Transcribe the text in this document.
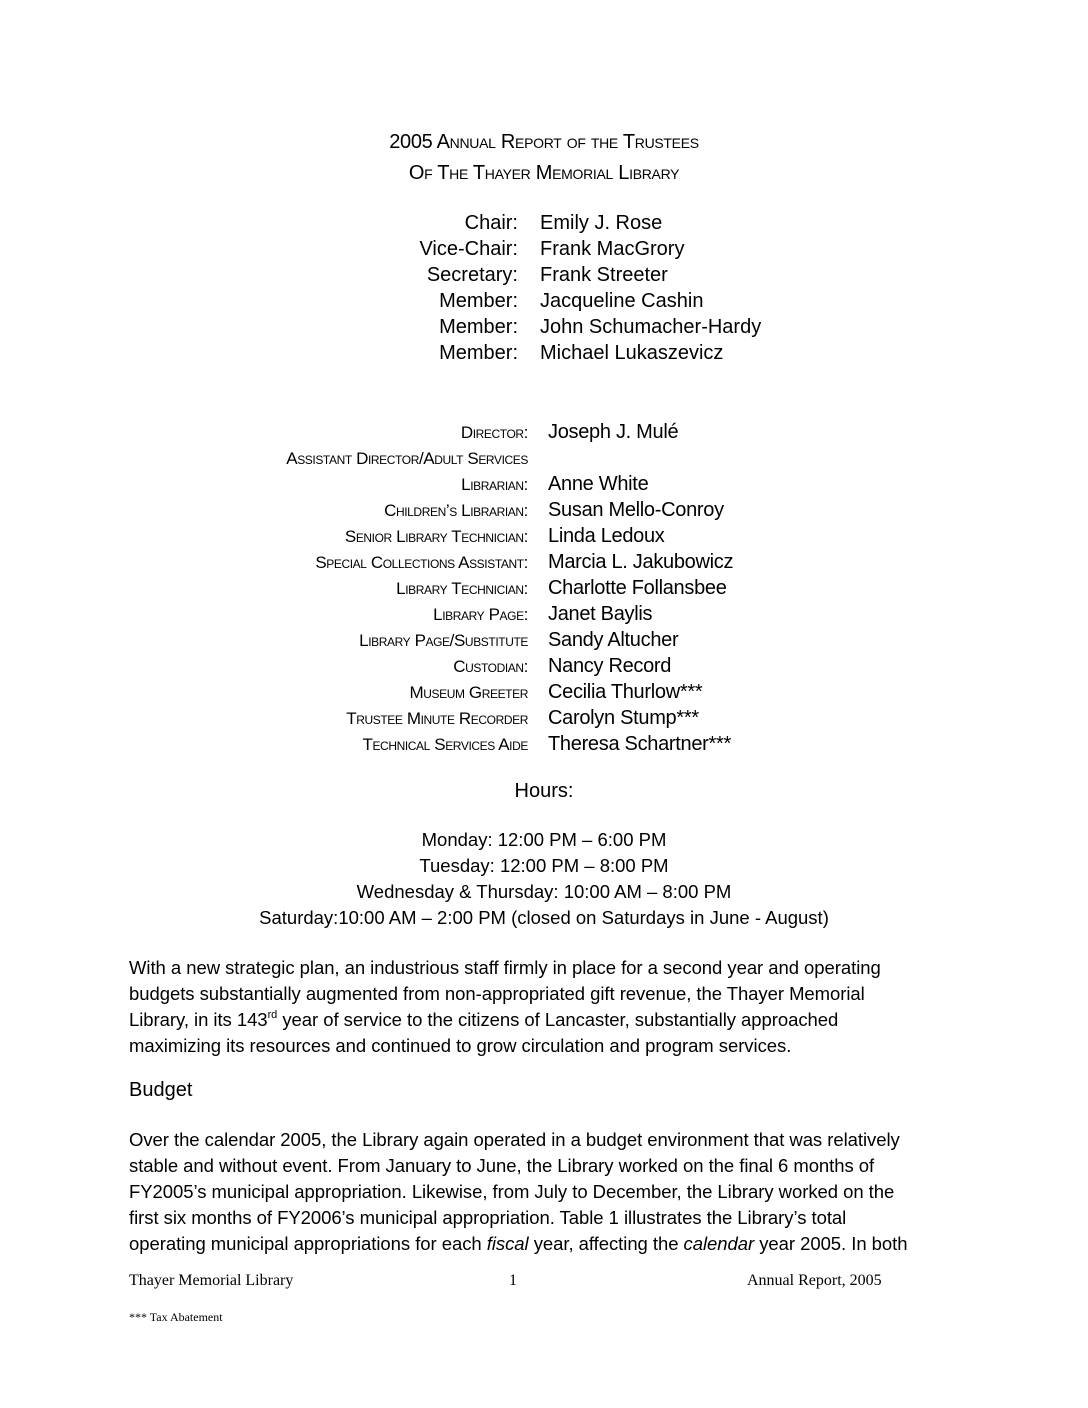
2005 Annual Report of the Trustees
Of The Thayer Memorial Library
Chair: Emily J. Rose
Vice-Chair: Frank MacGrory
Secretary: Frank Streeter
Member: Jacqueline Cashin
Member: John Schumacher-Hardy
Member: Michael Lukaszevicz
Director: Joseph J. Mulé
Assistant Director/Adult Services
Librarian: Anne White
Children’s Librarian: Susan Mello-Conroy
Senior Library Technician: Linda Ledoux
Special Collections Assistant: Marcia L. Jakubowicz
Library Technician: Charlotte Follansbee
Library Page: Janet Baylis
Library Page/Substitute Sandy Altucher
Custodian: Nancy Record
Museum Greeter Cecilia Thurlow***
Trustee Minute Recorder Carolyn Stump***
Technical Services Aide Theresa Schartner***
Hours:
Monday: 12:00 PM – 6:00 PM
Tuesday: 12:00 PM – 8:00 PM
Wednesday & Thursday: 10:00 AM – 8:00 PM
Saturday:10:00 AM – 2:00 PM (closed on Saturdays in June - August)
With a new strategic plan, an industrious staff firmly in place for a second year and operating
budgets substantially augmented from non-appropriated gift revenue, the Thayer Memorial
Library, in its 143rd year of service to the citizens of Lancaster, substantially approached
maximizing its resources and continued to grow circulation and program services.
Budget
Over the calendar 2005, the Library again operated in a budget environment that was relatively
stable and without event. From January to June, the Library worked on the final 6 months of
FY2005’s municipal appropriation. Likewise, from July to December, the Library worked on the
first six months of FY2006’s municipal appropriation. Table 1 illustrates the Library’s total
operating municipal appropriations for each fiscal year, affecting the calendar year 2005. In both
Thayer Memorial Library	1	Annual Report, 2005
*** Tax Abatement
